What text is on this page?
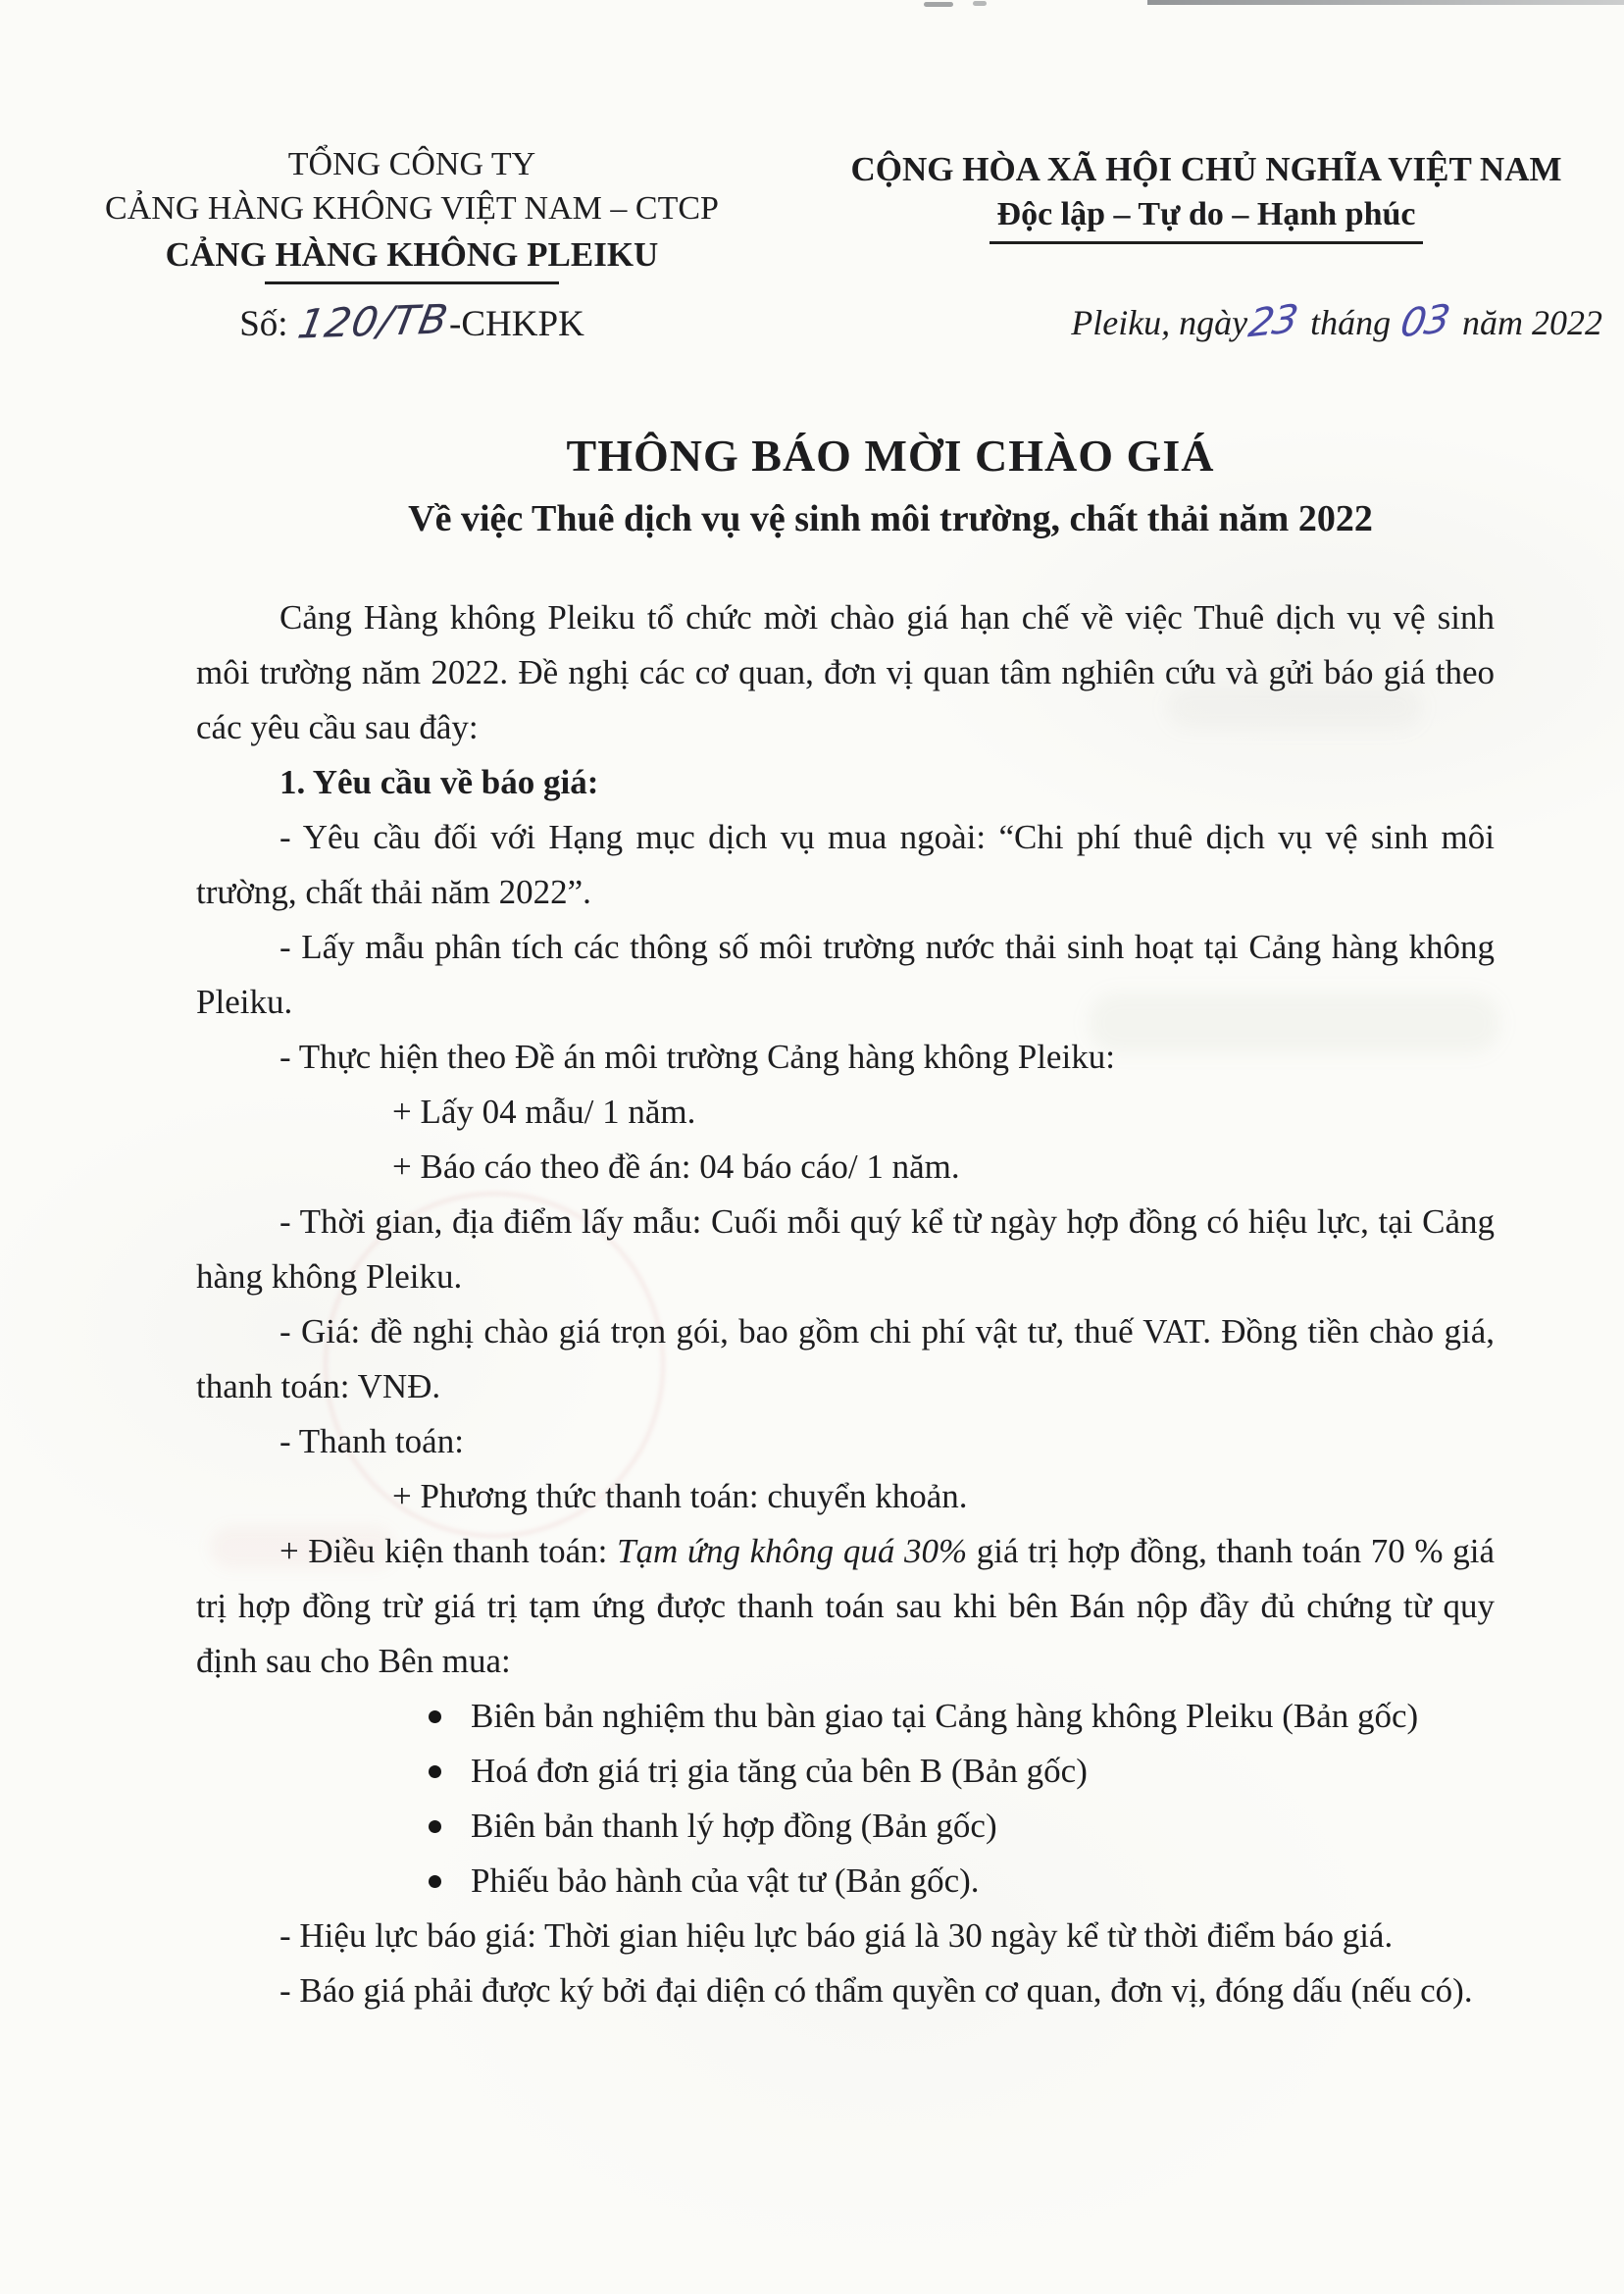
TỔNG CÔNG TY
CẢNG HÀNG KHÔNG VIỆT NAM – CTCP
CẢNG HÀNG KHÔNG PLEIKU
Số: 120/TB-CHKPK
CỘNG HÒA XÃ HỘI CHỦ NGHĨA VIỆT NAM
Độc lập – Tự do – Hạnh phúc
Pleiku, ngày23 tháng 03 năm 2022
THÔNG BÁO MỜI CHÀO GIÁ
Về việc Thuê dịch vụ vệ sinh môi trường, chất thải năm 2022

Cảng Hàng không Pleiku tổ chức mời chào giá hạn chế về việc Thuê dịch vụ vệ sinh môi trường năm 2022. Đề nghị các cơ quan, đơn vị quan tâm nghiên cứu và gửi báo giá theo các yêu cầu sau đây:

1. Yêu cầu về báo giá:

- Yêu cầu đối với Hạng mục dịch vụ mua ngoài: “Chi phí thuê dịch vụ vệ sinh môi trường, chất thải năm 2022”.

- Lấy mẫu phân tích các thông số môi trường nước thải sinh hoạt tại Cảng hàng không Pleiku.

- Thực hiện theo Đề án môi trường Cảng hàng không Pleiku:

+ Lấy 04 mẫu/ 1 năm.

+ Báo cáo theo đề án: 04 báo cáo/ 1 năm.

- Thời gian, địa điểm lấy mẫu: Cuối mỗi quý kể từ ngày hợp đồng có hiệu lực, tại Cảng hàng không Pleiku.

- Giá: đề nghị chào giá trọn gói, bao gồm chi phí vật tư, thuế VAT. Đồng tiền chào giá, thanh toán: VNĐ.

- Thanh toán:

+ Phương thức thanh toán: chuyển khoản.

+ Điều kiện thanh toán: Tạm ứng không quá 30% giá trị hợp đồng, thanh toán 70 % giá trị hợp đồng trừ giá trị tạm ứng được thanh toán sau khi bên Bán nộp đầy đủ chứng từ quy định sau cho Bên mua:

Biên bản nghiệm thu bàn giao tại Cảng hàng không Pleiku (Bản gốc)
Hoá đơn giá trị gia tăng của bên B (Bản gốc)
Biên bản thanh lý hợp đồng (Bản gốc)
Phiếu bảo hành của vật tư (Bản gốc).

- Hiệu lực báo giá: Thời gian hiệu lực báo giá là 30 ngày kể từ thời điểm báo giá.

- Báo giá phải được ký bởi đại diện có thẩm quyền cơ quan, đơn vị, đóng dấu (nếu có).
